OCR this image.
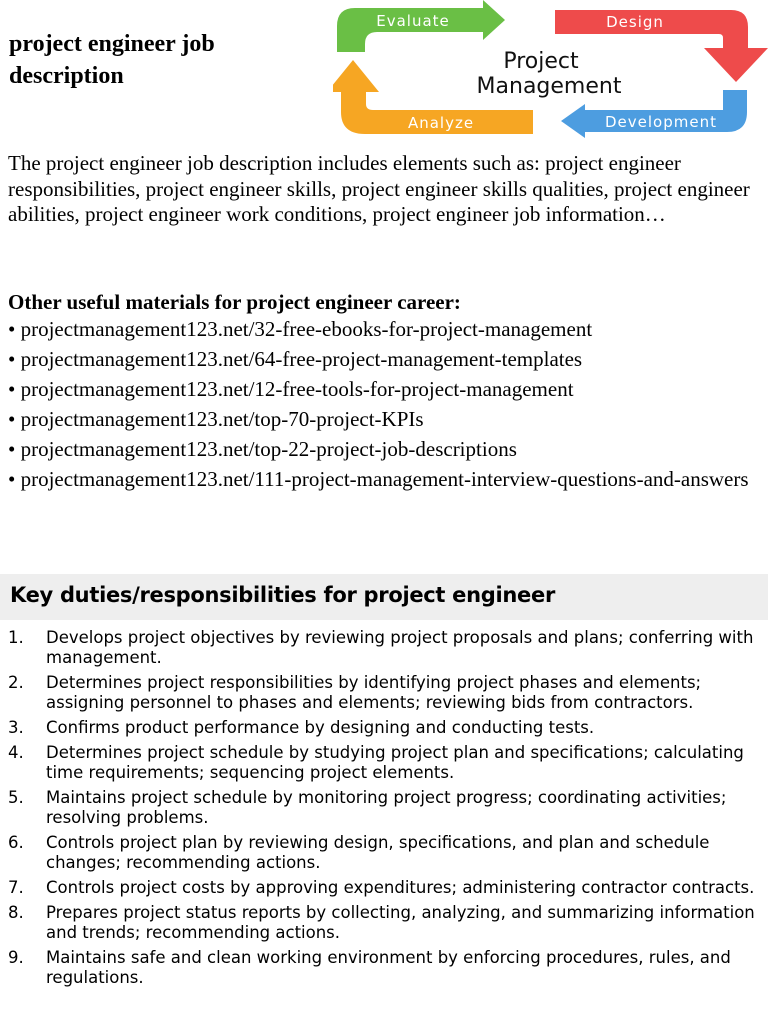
project engineer job description
Evaluate	Design
Development
Analyze
Project
Management
The project engineer job description includes elements such as: project engineer responsibilities, project engineer skills, project engineer skills qualities, project engineer abilities, project engineer work conditions, project engineer job information…
Other useful materials for project engineer career:
• projectmanagement123.net/32-free-ebooks-for-project-management
• projectmanagement123.net/64-free-project-management-templates
• projectmanagement123.net/12-free-tools-for-project-management
• projectmanagement123.net/top-70-project-KPIs
• projectmanagement123.net/top-22-project-job-descriptions
• projectmanagement123.net/111-project-management-interview-questions-and-answers
Key duties/responsibilities for project engineer
1. Develops project objectives by reviewing project proposals and plans; conferring with management.
2. Determines project responsibilities by identifying project phases and elements; assigning personnel to phases and elements; reviewing bids from contractors.
3. Confirms product performance by designing and conducting tests.
4. Determines project schedule by studying project plan and specifications; calculating time requirements; sequencing project elements.
5. Maintains project schedule by monitoring project progress; coordinating activities; resolving problems.
6. Controls project plan by reviewing design, specifications, and plan and schedule changes; recommending actions.
7. Controls project costs by approving expenditures; administering contractor contracts.
8. Prepares project status reports by collecting, analyzing, and summarizing information and trends; recommending actions.
9. Maintains safe and clean working environment by enforcing procedures, rules, and regulations.
